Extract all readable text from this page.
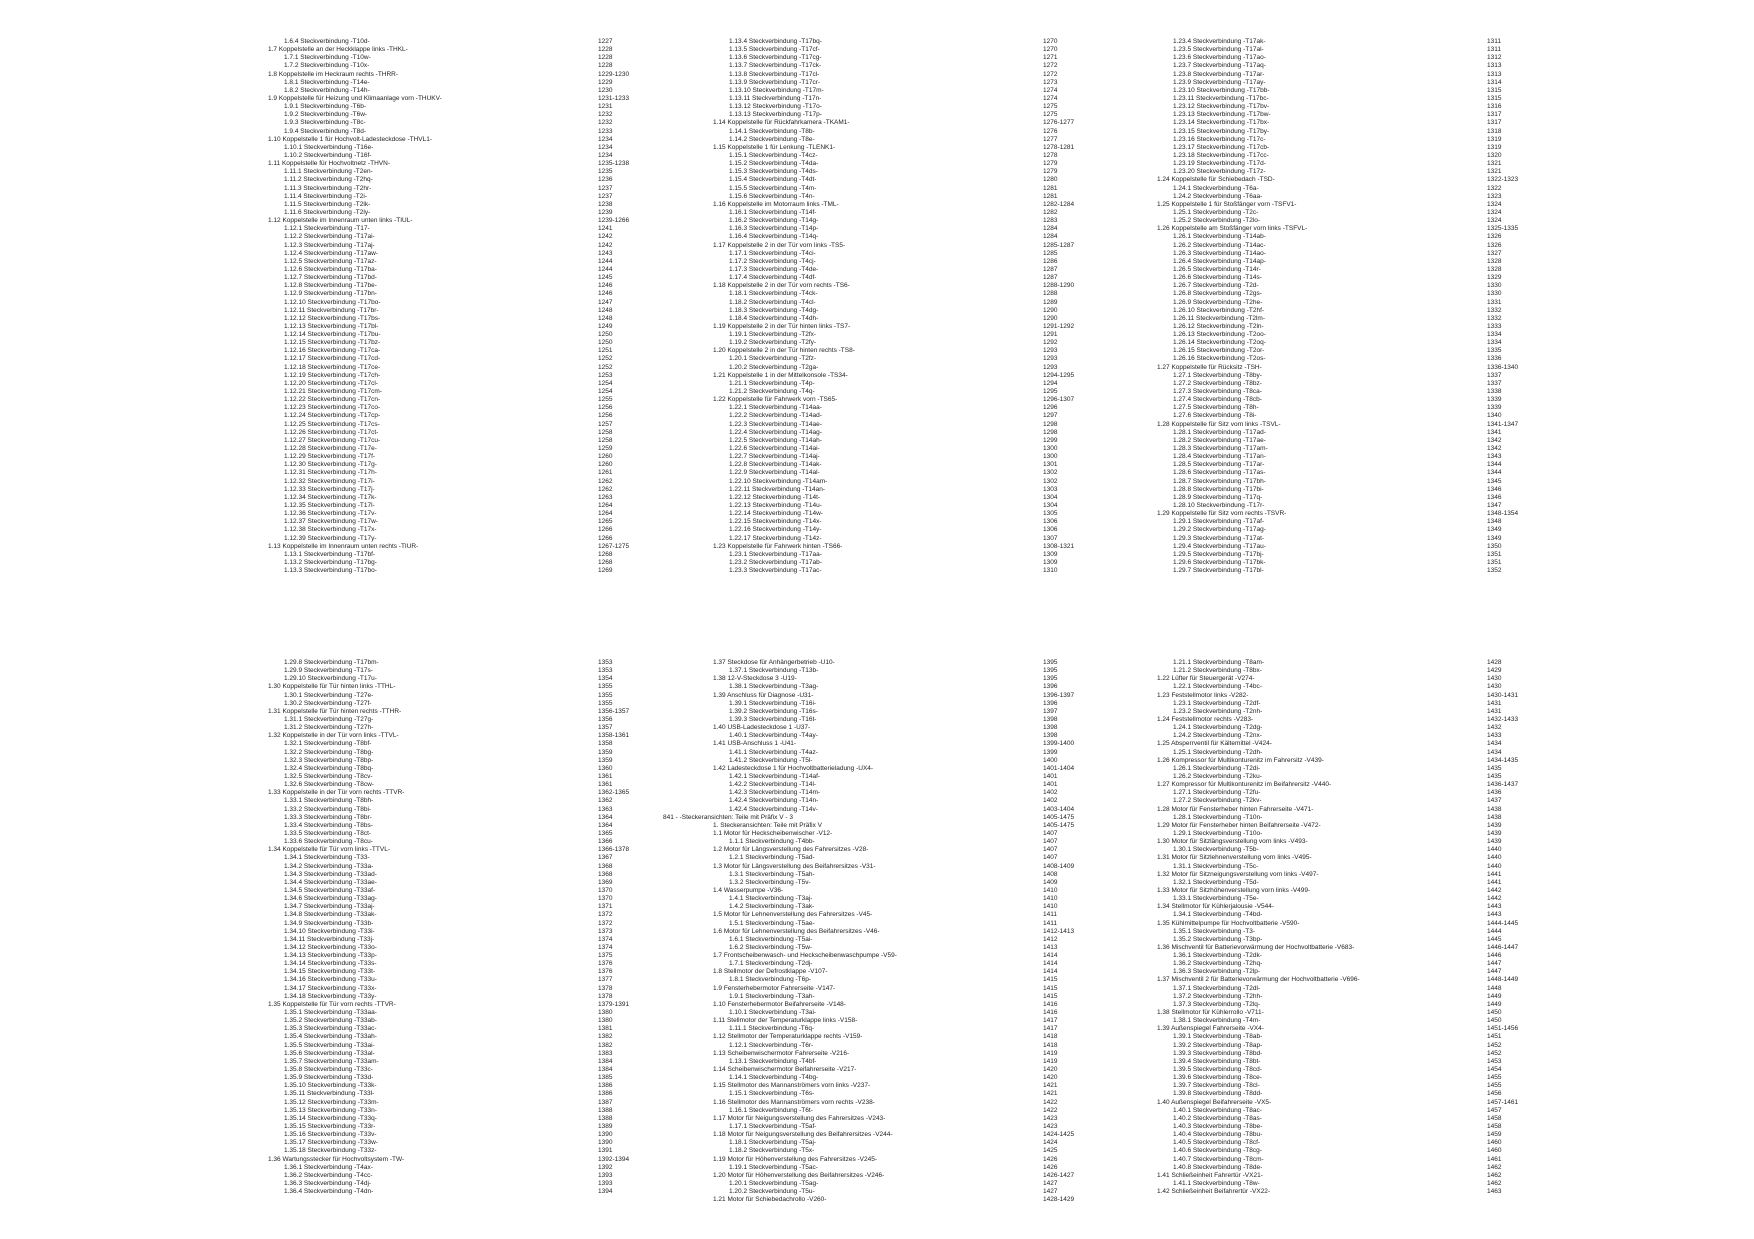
1.6.4 Steckverbindung -T10d-	1227
1.7 Koppelstelle an der Heckklappe links -THKL-	1228
1.7.1 Steckverbindung -T10w-	1228
1.7.2 Steckverbindung -T10x-	1228
1.8 Koppelstelle im Heckraum rechts -THRR-	1229-1230
1.8.1 Steckverbindung -T14e-	1229
1.8.2 Steckverbindung -T14h-	1230
1.9 Koppelstelle für Heizung und Klimaanlage vorn -THUKV-	1231-1233
1.9.1 Steckverbindung -T6b-	1231
1.9.2 Steckverbindung -T6w-	1232
1.9.3 Steckverbindung -T8c-	1232
1.9.4 Steckverbindung -T8d-	1233
1.10 Koppelstelle 1 für Hochvolt-Ladesteckdose -THVL1-	1234
1.10.1 Steckverbindung -T16e-	1234
1.10.2 Steckverbindung -T16f-	1234
1.11 Koppelstelle für Hochvoltnetz -THVN-	1235-1238
1.11.1 Steckverbindung -T2en-	1235
1.11.2 Steckverbindung -T2hq-	1236
1.11.3 Steckverbindung -T2hr-	1237
1.11.4 Steckverbindung -T2i-	1237
1.11.5 Steckverbindung -T2lk-	1238
1.11.6 Steckverbindung -T2ly-	1239
1.12 Koppelstelle im Innenraum unten links -TIUL-	1239-1266
1.12.1 Steckverbindung -T17-	1241
1.12.2 Steckverbindung -T17ai-	1242
1.12.3 Steckverbindung -T17aj-	1242
1.12.4 Steckverbindung -T17aw-	1243
1.12.5 Steckverbindung -T17az-	1244
1.12.6 Steckverbindung -T17ba-	1244
1.12.7 Steckverbindung -T17bd-	1245
1.12.8 Steckverbindung -T17be-	1246
1.12.9 Steckverbindung -T17bn-	1246
1.12.10 Steckverbindung -T17bo-	1247
1.12.11 Steckverbindung -T17br-	1248
1.12.12 Steckverbindung -T17bs-	1248
1.12.13 Steckverbindung -T17bl-	1249
1.12.14 Steckverbindung -T17bu-	1250
1.12.15 Steckverbindung -T17bz-	1250
1.12.16 Steckverbindung -T17ca-	1251
1.12.17 Steckverbindung -T17cd-	1252
1.12.18 Steckverbindung -T17ce-	1252
1.12.19 Steckverbindung -T17ch-	1253
1.12.20 Steckverbindung -T17cl-	1254
1.12.21 Steckverbindung -T17cm-	1254
1.12.22 Steckverbindung -T17cn-	1255
1.12.23 Steckverbindung -T17co-	1256
1.12.24 Steckverbindung -T17cp-	1256
1.12.25 Steckverbindung -T17cs-	1257
1.12.26 Steckverbindung -T17ct-	1258
1.12.27 Steckverbindung -T17cu-	1258
1.12.28 Steckverbindung -T17e-	1259
1.12.29 Steckverbindung -T17f-	1260
1.12.30 Steckverbindung -T17g-	1260
1.12.31 Steckverbindung -T17h-	1261
1.12.32 Steckverbindung -T17i-	1262
1.12.33 Steckverbindung -T17j-	1262
1.12.34 Steckverbindung -T17k-	1263
1.12.35 Steckverbindung -T17l-	1264
1.12.36 Steckverbindung -T17v-	1264
1.12.37 Steckverbindung -T17w-	1265
1.12.38 Steckverbindung -T17x-	1266
1.12.39 Steckverbindung -T17y-	1266
1.13 Koppelstelle im Innenraum unten rechts -TIUR-	1267-1275
1.13.1 Steckverbindung -T17bf-	1268
1.13.2 Steckverbindung -T17bg-	1268
1.13.3 Steckverbindung -T17bo-	1269
1.13.4 Steckverbindung -T17bq-	1270
1.13.5 Steckverbindung -T17cf-	1270
1.13.6 Steckverbindung -T17cg-	1271
1.13.7 Steckverbindung -T17ck-	1272
1.13.8 Steckverbindung -T17cl-	1272
1.13.9 Steckverbindung -T17cr-	1273
1.13.10 Steckverbindung -T17m-	1274
1.13.11 Steckverbindung -T17n-	1274
1.13.12 Steckverbindung -T17o-	1275
1.13.13 Steckverbindung -T17p-	1275
1.14 Koppelstelle für Rückfahrkamera -TKAM1-	1276-1277
1.14.1 Steckverbindung -T8b-	1276
1.14.2 Steckverbindung -T8e-	1277
1.15 Koppelstelle 1 für Lenkung -TLENK1-	1278-1281
1.15.1 Steckverbindung -T4cz-	1278
1.15.2 Steckverbindung -T4da-	1279
1.15.3 Steckverbindung -T4ds-	1279
1.15.4 Steckverbindung -T4dt-	1280
1.15.5 Steckverbindung -T4m-	1281
1.15.6 Steckverbindung -T4n-	1281
1.16 Koppelstelle im Motorraum links -TML-	1282-1284
1.16.1 Steckverbindung -T14f-	1282
1.16.2 Steckverbindung -T14g-	1283
1.16.3 Steckverbindung -T14p-	1284
1.16.4 Steckverbindung -T14q-	1284
1.17 Koppelstelle 2 in der Tür vorn links -TS5-	1285-1287
1.17.1 Steckverbindung -T4ci-	1285
1.17.2 Steckverbindung -T4cj-	1286
1.17.3 Steckverbindung -T4de-	1287
1.17.4 Steckverbindung -T4df-	1287
1.18 Koppelstelle 2 in der Tür vorn rechts -TS6-	1288-1290
1.18.1 Steckverbindung -T4ck-	1288
1.18.2 Steckverbindung -T4cl-	1289
1.18.3 Steckverbindung -T4dg-	1290
1.18.4 Steckverbindung -T4dh-	1290
1.19 Koppelstelle 2 in der Tür hinten links -TS7-	1291-1292
1.19.1 Steckverbindung -T2fx-	1291
1.19.2 Steckverbindung -T2fy-	1292
1.20 Koppelstelle 2 in der Tür hinten rechts -TS8-	1293
1.20.1 Steckverbindung -T2fz-	1293
1.20.2 Steckverbindung -T2ga-	1293
1.21 Koppelstelle 1 in der Mittelkonsole -TS34-	1294-1295
1.21.1 Steckverbindung -T4p-	1294
1.21.2 Steckverbindung -T4q-	1295
1.22 Koppelstelle für Fahrwerk vorn -TS65-	1296-1307
1.22.1 Steckverbindung -T14aa-	1296
1.22.2 Steckverbindung -T14ad-	1297
1.22.3 Steckverbindung -T14ae-	1298
1.22.4 Steckverbindung -T14ag-	1298
1.22.5 Steckverbindung -T14ah-	1299
1.22.6 Steckverbindung -T14ai-	1300
1.22.7 Steckverbindung -T14aj-	1300
1.22.8 Steckverbindung -T14ak-	1301
1.22.9 Steckverbindung -T14al-	1302
1.22.10 Steckverbindung -T14am-	1302
1.22.11 Steckverbindung -T14an-	1303
1.22.12 Steckverbindung -T14t-	1304
1.22.13 Steckverbindung -T14u-	1304
1.22.14 Steckverbindung -T14w-	1305
1.22.15 Steckverbindung -T14x-	1306
1.22.16 Steckverbindung -T14y-	1306
1.22.17 Steckverbindung -T14z-	1307
1.23 Koppelstelle für Fahrwerk hinten -TS66-	1308-1321
1.23.1 Steckverbindung -T17aa-	1309
1.23.2 Steckverbindung -T17ab-	1309
1.23.3 Steckverbindung -T17ac-	1310
1.23.4 Steckverbindung -T17ak-	1311
1.23.5 Steckverbindung -T17al-	1311
1.23.6 Steckverbindung -T17ao-	1312
1.23.7 Steckverbindung -T17aq-	1313
1.23.8 Steckverbindung -T17ar-	1313
1.23.9 Steckverbindung -T17ay-	1314
1.23.10 Steckverbindung -T17bb-	1315
1.23.11 Steckverbindung -T17bc-	1315
1.23.12 Steckverbindung -T17bv-	1316
1.23.13 Steckverbindung -T17bw-	1317
1.23.14 Steckverbindung -T17bx-	1317
1.23.15 Steckverbindung -T17by-	1318
1.23.16 Steckverbindung -T17c-	1319
1.23.17 Steckverbindung -T17cb-	1319
1.23.18 Steckverbindung -T17cc-	1320
1.23.19 Steckverbindung -T17d-	1321
1.23.20 Steckverbindung -T17z-	1321
1.24 Koppelstelle für Schiebedach -TSD-	1322-1323
1.24.1 Steckverbindung -T6a-	1322
1.24.2 Steckverbindung -T6aa-	1323
1.25 Koppelstelle 1 für Stoßfänger vorn -TSFV1-	1324
1.25.1 Steckverbindung -T2c-	1324
1.25.2 Steckverbindung -T2lo-	1324
1.26 Koppelstelle am Stoßfänger vorn links -TSFVL-	1325-1335
1.26.1 Steckverbindung -T14ab-	1326
1.26.2 Steckverbindung -T14ac-	1326
1.26.3 Steckverbindung -T14ao-	1327
1.26.4 Steckverbindung -T14ap-	1328
1.26.5 Steckverbindung -T14r-	1328
1.26.6 Steckverbindung -T14s-	1329
1.26.7 Steckverbindung -T2d-	1330
1.26.8 Steckverbindung -T2gs-	1330
1.26.9 Steckverbindung -T2he-	1331
1.26.10 Steckverbindung -T2hf-	1332
1.26.11 Steckverbindung -T2lm-	1332
1.26.12 Steckverbindung -T2ln-	1333
1.26.13 Steckverbindung -T2oo-	1334
1.26.14 Steckverbindung -T2oq-	1334
1.26.15 Steckverbindung -T2or-	1335
1.26.16 Steckverbindung -T2os-	1336
1.27 Koppelstelle für Rücksitz -TSH-	1336-1340
1.27.1 Steckverbindung -T8by-	1337
1.27.2 Steckverbindung -T8bz-	1337
1.27.3 Steckverbindung -T8ca-	1338
1.27.4 Steckverbindung -T8cb-	1339
1.27.5 Steckverbindung -T8h-	1339
1.27.6 Steckverbindung -T8i-	1340
1.28 Koppelstelle für Sitz vorn links -TSVL-	1341-1347
1.28.1 Steckverbindung -T17ad-	1341
1.28.2 Steckverbindung -T17ae-	1342
1.28.3 Steckverbindung -T17am-	1342
1.28.4 Steckverbindung -T17an-	1343
1.28.5 Steckverbindung -T17ar-	1344
1.28.6 Steckverbindung -T17as-	1344
1.28.7 Steckverbindung -T17bh-	1345
1.28.8 Steckverbindung -T17bi-	1346
1.28.9 Steckverbindung -T17q-	1346
1.28.10 Steckverbindung -T17r-	1347
1.29 Koppelstelle für Sitz vorn rechts -TSVR-	1348-1354
1.29.1 Steckverbindung -T17af-	1348
1.29.2 Steckverbindung -T17ag-	1349
1.29.3 Steckverbindung -T17at-	1349
1.29.4 Steckverbindung -T17au-	1350
1.29.5 Steckverbindung -T17bj-	1351
1.29.6 Steckverbindung -T17bk-	1351
1.29.7 Steckverbindung -T17bl-	1352
1.29.8 Steckverbindung -T17bm-	1353
1.29.9 Steckverbindung -T17s-	1353
1.29.10 Steckverbindung -T17u-	1354
1.30 Koppelstelle für Tür hinten links -TTHL-	1355
1.30.1 Steckverbindung -T27e-	1355
1.30.2 Steckverbindung -T27f-	1355
1.31 Koppelstelle für Tür hinten rechts -TTHR-	1356-1357
1.31.1 Steckverbindung -T27g-	1356
1.31.2 Steckverbindung -T27h-	1357
1.32 Koppelstelle in der Tür vorn links -TTVL-	1358-1361
1.32.1 Steckverbindung -T8bf-	1358
1.32.2 Steckverbindung -T8bg-	1359
1.32.3 Steckverbindung -T8bp-	1359
1.32.4 Steckverbindung -T8bq-	1360
1.32.5 Steckverbindung -T8cv-	1361
1.32.6 Steckverbindung -T8cw-	1361
1.33 Koppelstelle in der Tür vorn rechts -TTVR-	1362-1365
1.33.1 Steckverbindung -T8bh-	1362
1.33.2 Steckverbindung -T8bi-	1363
1.33.3 Steckverbindung -T8br-	1364
1.33.4 Steckverbindung -T8bs-	1364
1.33.5 Steckverbindung -T8ct-	1365
1.33.6 Steckverbindung -T8cu-	1366
1.34 Koppelstelle für Tür vorn links -TTVL-	1366-1378
1.34.1 Steckverbindung -T33-	1367
1.34.2 Steckverbindung -T33a-	1368
1.34.3 Steckverbindung -T33ad-	1368
1.34.4 Steckverbindung -T33ae-	1369
1.34.5 Steckverbindung -T33af-	1370
1.34.6 Steckverbindung -T33ag-	1370
1.34.7 Steckverbindung -T33aj-	1371
1.34.8 Steckverbindung -T33ak-	1372
1.34.9 Steckverbindung -T33b-	1372
1.34.10 Steckverbindung -T33i-	1373
1.34.11 Steckverbindung -T33j-	1374
1.34.12 Steckverbindung -T33o-	1374
1.34.13 Steckverbindung -T33p-	1375
1.34.14 Steckverbindung -T33s-	1376
1.34.15 Steckverbindung -T33t-	1376
1.34.16 Steckverbindung -T33u-	1377
1.34.17 Steckverbindung -T33x-	1378
1.34.18 Steckverbindung -T33y-	1378
1.35 Koppelstelle für Tür vorn rechts -TTVR-	1379-1391
1.35.1 Steckverbindung -T33aa-	1380
1.35.2 Steckverbindung -T33ab-	1380
1.35.3 Steckverbindung -T33ac-	1381
1.35.4 Steckverbindung -T33ah-	1382
1.35.5 Steckverbindung -T33ai-	1382
1.35.6 Steckverbindung -T33al-	1383
1.35.7 Steckverbindung -T33am-	1384
1.35.8 Steckverbindung -T33c-	1384
1.35.9 Steckverbindung -T33d-	1385
1.35.10 Steckverbindung -T33k-	1386
1.35.11 Steckverbindung -T33l-	1386
1.35.12 Steckverbindung -T33m-	1387
1.35.13 Steckverbindung -T33n-	1388
1.35.14 Steckverbindung -T33q-	1388
1.35.15 Steckverbindung -T33r-	1389
1.35.16 Steckverbindung -T33v-	1390
1.35.17 Steckverbindung -T33w-	1390
1.35.18 Steckverbindung -T33z-	1391
1.36 Wartungsstecker für Hochvoltsystem -TW-	1392-1394
1.36.1 Steckverbindung -T4ax-	1392
1.36.2 Steckverbindung -T4cc-	1393
1.36.3 Steckverbindung -T4dj-	1393
1.36.4 Steckverbindung -T4dn-	1394
1.37 Steckdose für Anhängerbetrieb -U10-	1395
1.37.1 Steckverbindung -T13b-	1395
1.38 12-V-Steckdose 3 -U19-	1395
1.38.1 Steckverbindung -T3ag-	1396
1.39 Anschluss für Diagnose -U31-	1396-1397
1.39.1 Steckverbindung -T16i-	1396
1.39.2 Steckverbindung -T16s-	1397
1.39.3 Steckverbindung -T16t-	1398
1.40 USB-Ladesteckdose 1 -U37-	1398
1.40.1 Steckverbindung -T4ay-	1398
1.41 USB-Anschluss 1 -U41-	1399-1400
1.41.1 Steckverbindung -T4az-	1399
1.41.2 Steckverbindung -T5l-	1400
1.42 Ladesteckdose 1 für Hochvoltbatterieladung -UX4-	1401-1404
1.42.1 Steckverbindung -T14af-	1401
1.42.2 Steckverbindung -T14l-	1401
1.42.3 Steckverbindung -T14m-	1402
1.42.4 Steckverbindung -T14n-	1402
1.42.4 Steckverbindung -T14v-	1403-1404
841 - -Steckeransichten: Teile mit Präfix V - 3	1405-1475
1. Steckeransichten: Teile mit Präfix V	1405-1475
1.1 Motor für Heckscheibenwischer -V12-	1407
1.1.1 Steckverbindung -T4bb-	1407
1.2 Motor für Längsverstellung des Fahrersitzes -V28-	1407
1.2.1 Steckverbindung -T5ad-	1407
1.3 Motor für Längsverstellung des Beifahrersitzes -V31-	1408-1409
1.3.1 Steckverbindung -T5ah-	1408
1.3.2 Steckverbindung -T5v-	1409
1.4 Wasserpumpe -V36-	1410
1.4.1 Steckverbindung -T3aj-	1410
1.4.2 Steckverbindung -T3ak-	1410
1.5 Motor für Lehnenverstellung des Fahrersitzes -V45-	1411
1.5.1 Steckverbindung -T5ae-	1411
1.6 Motor für Lehnenverstellung des Beifahrersitzes -V46-	1412-1413
1.6.1 Steckverbindung -T5ai-	1412
1.6.2 Steckverbindung -T5w-	1413
1.7 Frontscheibenwasch- und Heckscheibenwaschpumpe -V59-	1414
1.7.1 Steckverbindung -T2dj-	1414
1.8 Stellmotor der Defrostklappe -V107-	1414
1.8.1 Steckverbindung -T6p-	1415
1.9 Fensterhebermotor Fahrerseite -V147-	1415
1.9.1 Steckverbindung -T3ah-	1415
1.10 Fensterhebermotor Beifahrerseite -V148-	1416
1.10.1 Steckverbindung -T3ai-	1416
1.11 Stellmotor der Temperaturklappe links -V158-	1417
1.11.1 Steckverbindung -T6q-	1417
1.12 Stellmotor der Temperaturklappe rechts -V159-	1418
1.12.1 Steckverbindung -T6r-	1418
1.13 Scheibenwischermotor Fahrerseite -V216-	1419
1.13.1 Steckverbindung -T4bf-	1419
1.14 Scheibenwischermotor Beifahrerseite -V217-	1420
1.14.1 Steckverbindung -T4bg-	1420
1.15 Stellmotor des Mannanströmers vorn links -V237-	1421
1.15.1 Steckverbindung -T6s-	1421
1.16 Stellmotor des Mannanströmers vorn rechts -V238-	1422
1.16.1 Steckverbindung -T6t-	1422
1.17 Motor für Neigungsverstellung des Fahrersitzes -V243-	1423
1.17.1 Steckverbindung -T5af-	1423
1.18 Motor für Neigungsverstellung des Beifahrersitzes -V244-	1424-1425
1.18.1 Steckverbindung -T5aj-	1424
1.18.2 Steckverbindung -T5x-	1425
1.19 Motor für Höhenverstellung des Fahrersitzes -V245-	1426
1.19.1 Steckverbindung -T5ac-	1426
1.20 Motor für Höhenverstellung des Beifahrersitzes -V246-	1426-1427
1.20.1 Steckverbindung -T5ag-	1427
1.20.2 Steckverbindung -T5u-	1427
1.21 Motor für Schiebedachrollo -V260-	1428-1429
1.21.1 Steckverbindung -T8am-	1428
1.21.2 Steckverbindung -T8bx-	1429
1.22 Lüfter für Steuergerät -V274-	1430
1.22.1 Steckverbindung -T4bc-	1430
1.23 Feststellmotor links -V282-	1430-1431
1.23.1 Steckverbindung -T2df-	1431
1.23.2 Steckverbindung -T2nh-	1431
1.24 Feststellmotor rechts -V283-	1432-1433
1.24.1 Steckverbindung -T2dg-	1432
1.24.2 Steckverbindung -T2nx-	1433
1.25 Absperrventil für Kältemittel -V424-	1434
1.25.1 Steckverbindung -T2dh-	1434
1.26 Kompressor für Multikonturenitz im Fahrersitz -V439-	1434-1435
1.26.1 Steckverbindung -T2di-	1435
1.26.2 Steckverbindung -T2ku-	1435
1.27 Kompressor für Multikonturenitz im Beifahrersitz -V440-	1436-1437
1.27.1 Steckverbindung -T2fu-	1436
1.27.2 Steckverbindung -T2kv-	1437
1.28 Motor für Fensterheber hinten Fahrerseite -V471-	1438
1.28.1 Steckverbindung -T10n-	1438
1.29 Motor für Fensterheber hinten Beifahrerseite -V472-	1439
1.29.1 Steckverbindung -T10o-	1439
1.30 Motor für Sitzlängsverstellung vorn links -V493-	1439
1.30.1 Steckverbindung -T5b-	1440
1.31 Motor für Sitzlehnenverstellung vorn links -V495-	1440
1.31.1 Steckverbindung -T5c-	1440
1.32 Motor für Sitzneigungsverstellung vorn links -V497-	1441
1.32.1 Steckverbindung -T5d-	1441
1.33 Motor für Sitzhöhenverstellung vorn links -V499-	1442
1.33.1 Steckverbindung -T5e-	1442
1.34 Stellmotor für Kühlerjalousie -V544-	1443
1.34.1 Steckverbindung -T4bd-	1443
1.35 Kühlmittelpumpe für Hochvoltbatterie -V590-	1444-1445
1.35.1 Steckverbindung -T3-	1444
1.35.2 Steckverbindung -T3bp-	1445
1.36 Mischventil für Batterievorwärmung der Hochvoltbatterie -V683-	1446-1447
1.36.1 Steckverbindung -T2dk-	1446
1.36.2 Steckverbindung -T2hq-	1447
1.36.3 Steckverbindung -T2lp-	1447
1.37 Mischventil 2 für Batterievorwärmung der Hochvoltbatterie -V696-	1448-1449
1.37.1 Steckverbindung -T2dl-	1448
1.37.2 Steckverbindung -T2hh-	1449
1.37.3 Steckverbindung -T2lq-	1449
1.38 Stellmotor für Kühlerrollo -V711-	1450
1.38.1 Steckverbindung -T4m-	1450
1.39 Außenspiegel Fahrerseite -VX4-	1451-1456
1.39.1 Steckverbindung -T8ab-	1451
1.39.2 Steckverbindung -T8ap-	1452
1.39.3 Steckverbindung -T8bd-	1452
1.39.4 Steckverbindung -T8bt-	1453
1.39.5 Steckverbindung -T8cd-	1454
1.39.6 Steckverbindung -T8ce-	1455
1.39.7 Steckverbindung -T8cl-	1455
1.39.8 Steckverbindung -T8dd-	1456
1.40 Außenspiegel Beifahrerseite -VX5-	1457-1461
1.40.1 Steckverbindung -T8ac-	1457
1.40.2 Steckverbindung -T8as-	1458
1.40.3 Steckverbindung -T8be-	1458
1.40.4 Steckverbindung -T8bu-	1459
1.40.5 Steckverbindung -T8cf-	1460
1.40.6 Steckverbindung -T8cg-	1460
1.40.7 Steckverbindung -T8cm-	1461
1.40.8 Steckverbindung -T8de-	1462
1.41 Schließeinheit Fahrertür -VX21-	1462
1.41.1 Steckverbindung -T8w-	1462
1.42 Schließeinheit Beifahrertür -VX22-	1463
